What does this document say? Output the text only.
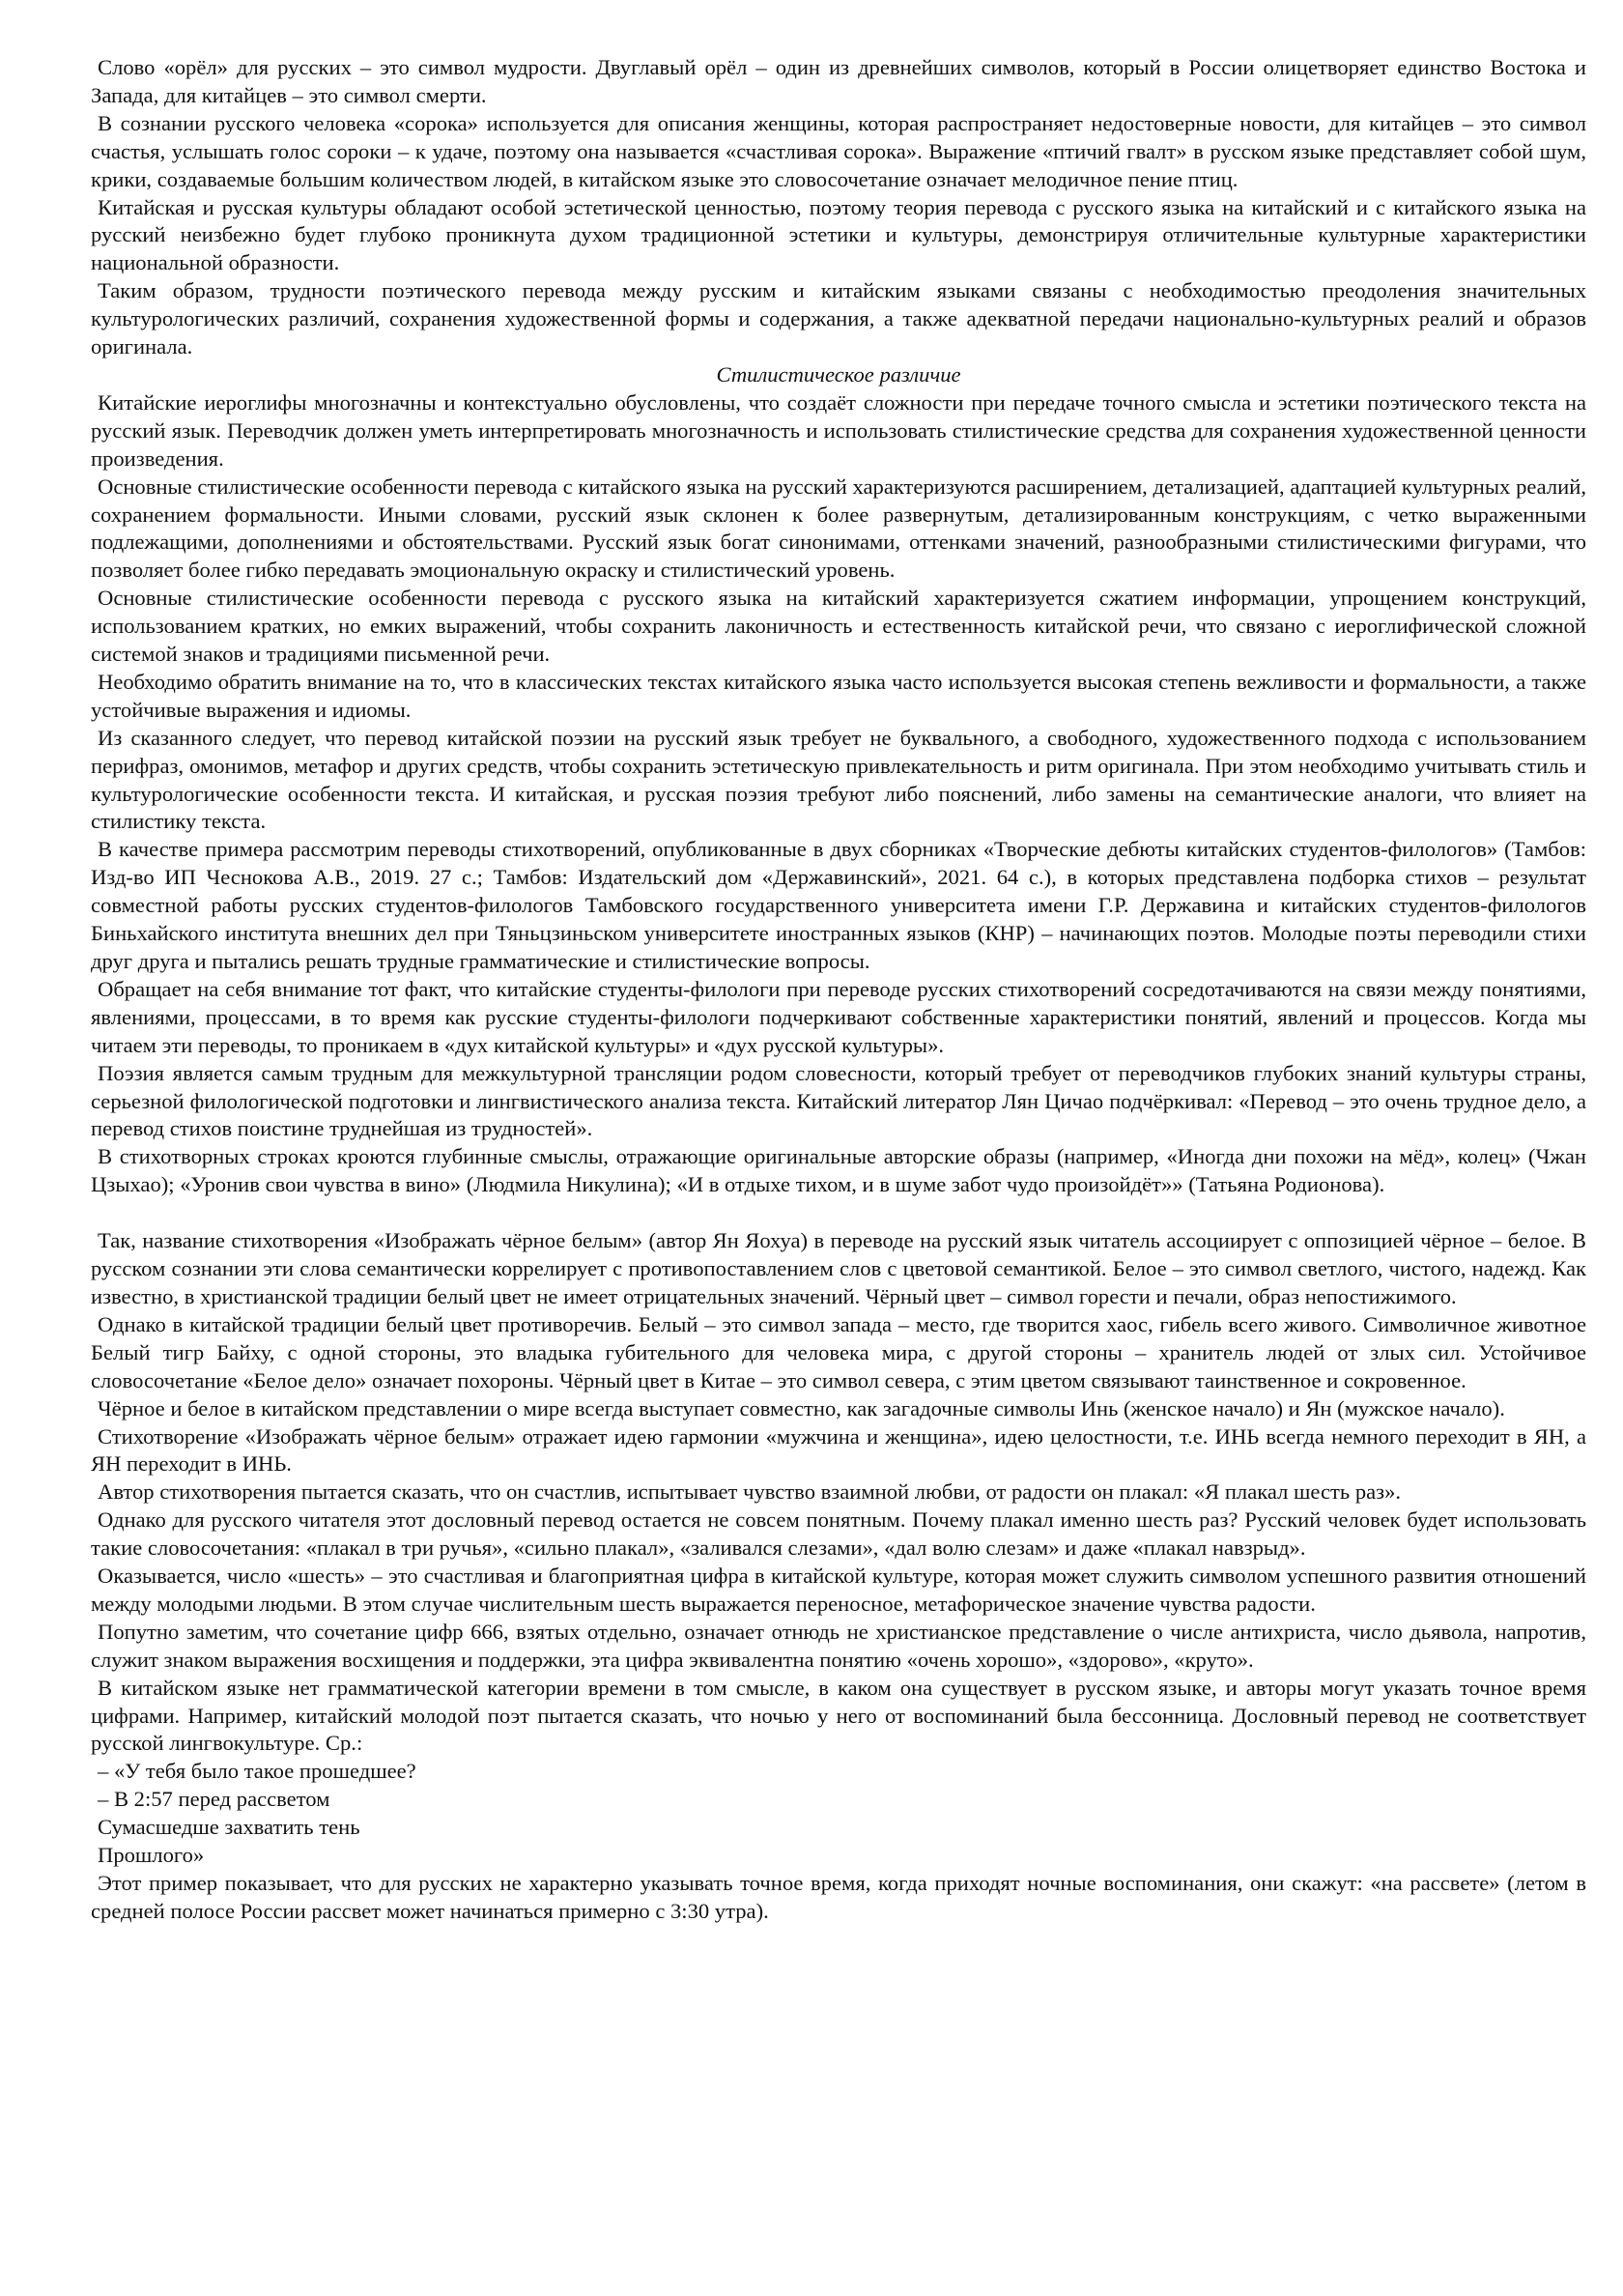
Слово «орёл» для русских – это символ мудрости. Двуглавый орёл – один из древнейших символов, который в России олицетворяет единство Востока и Запада, для китайцев – это символ смерти.

В сознании русского человека «сорока» используется для описания женщины, которая распространяет недостоверные новости, для китайцев – это символ счастья, услышать голос сороки – к удаче, поэтому она называется «счастливая сорока». Выражение «птичий гвалт» в русском языке представляет собой шум, крики, создаваемые большим количеством людей, в китайском языке это словосочетание означает мелодичное пение птиц.

Китайская и русская культуры обладают особой эстетической ценностью, поэтому теория перевода с русского языка на китайский и с китайского языка на русский неизбежно будет глубоко проникнута духом традиционной эстетики и культуры, демонстрируя отличительные культурные характеристики национальной образности.

Таким образом, трудности поэтического перевода между русским и китайским языками связаны с необходимостью преодоления значительных культурологических различий, сохранения художественной формы и содержания, а также адекватной передачи национально-культурных реалий и образов оригинала.

Стилистическое различие

Китайские иероглифы многозначны и контекстуально обусловлены, что создаёт сложности при передаче точного смысла и эстетики поэтического текста на русский язык. Переводчик должен уметь интерпретировать многозначность и использовать стилистические средства для сохранения художественной ценности произведения.

Основные стилистические особенности перевода с китайского языка на русский характеризуются расширением, детализацией, адаптацией культурных реалий, сохранением формальности. Иными словами, русский язык склонен к более развернутым, детализированным конструкциям, с четко выраженными подлежащими, дополнениями и обстоятельствами. Русский язык богат синонимами, оттенками значений, разнообразными стилистическими фигурами, что позволяет более гибко передавать эмоциональную окраску и стилистический уровень.

Основные стилистические особенности перевода с русского языка на китайский характеризуется сжатием информации, упрощением конструкций, использованием кратких, но емких выражений, чтобы сохранить лаконичность и естественность китайской речи, что связано с иероглифической сложной системой знаков и традициями письменной речи.

Необходимо обратить внимание на то, что в классических текстах китайского языка часто используется высокая степень вежливости и формальности, а также устойчивые выражения и идиомы.

Из сказанного следует, что перевод китайской поэзии на русский язык требует не буквального, а свободного, художественного подхода с использованием перифраз, омонимов, метафор и других средств, чтобы сохранить эстетическую привлекательность и ритм оригинала. При этом необходимо учитывать стиль и культурологические особенности текста. И китайская, и русская поэзия требуют либо пояснений, либо замены на семантические аналоги, что влияет на стилистику текста.

В качестве примера рассмотрим переводы стихотворений, опубликованные в двух сборниках «Творческие дебюты китайских студентов-филологов» (Тамбов: Изд-во ИП Чеснокова А.В., 2019. 27 с.; Тамбов: Издательский дом «Державинский», 2021. 64 с.), в которых представлена подборка стихов – результат совместной работы русских студентов-филологов Тамбовского государственного университета имени Г.Р. Державина и китайских студентов-филологов Биньхайского института внешних дел при Тяньцзиньском университете иностранных языков (КНР) – начинающих поэтов. Молодые поэты переводили стихи друг друга и пытались решать трудные грамматические и стилистические вопросы.

Обращает на себя внимание тот факт, что китайские студенты-филологи при переводе русских стихотворений сосредотачиваются на связи между понятиями, явлениями, процессами, в то время как русские студенты-филологи подчеркивают собственные характеристики понятий, явлений и процессов. Когда мы читаем эти переводы, то проникаем в «дух китайской культуры» и «дух русской культуры».

Поэзия является самым трудным для межкультурной трансляции родом словесности, который требует от переводчиков глубоких знаний культуры страны, серьезной филологической подготовки и лингвистического анализа текста. Китайский литератор Лян Цичао подчёркивал: «Перевод – это очень трудное дело, а перевод стихов поистине труднейшая из трудностей».

В стихотворных строках кроются глубинные смыслы, отражающие оригинальные авторские образы (например, «Иногда дни похожи на мёд», колец» (Чжан Цзыхао); «Уронив свои чувства в вино» (Людмила Никулина); «И в отдыхе тихом, и в шуме забот чудо произойдёт»» (Татьяна Родионова).

Так, название стихотворения «Изображать чёрное белым» (автор Ян Яохуа) в переводе на русский язык читатель ассоциирует с оппозицией чёрное – белое. В русском сознании эти слова семантически коррелирует с противопоставлением слов с цветовой семантикой. Белое – это символ светлого, чистого, надежд. Как известно, в христианской традиции белый цвет не имеет отрицательных значений. Чёрный цвет – символ горести и печали, образ непостижимого.

Однако в китайской традиции белый цвет противоречив. Белый – это символ запада – место, где творится хаос, гибель всего живого. Символичное животное Белый тигр Байху, с одной стороны, это владыка губительного для человека мира, с другой стороны – хранитель людей от злых сил. Устойчивое словосочетание «Белое дело» означает похороны. Чёрный цвет в Китае – это символ севера, с этим цветом связывают таинственное и сокровенное.

Чёрное и белое в китайском представлении о мире всегда выступает совместно, как загадочные символы Инь (женское начало) и Ян (мужское начало).

Стихотворение «Изображать чёрное белым» отражает идею гармонии «мужчина и женщина», идею целостности, т.е. ИНЬ всегда немного переходит в ЯН, а ЯН переходит в ИНЬ.

Автор стихотворения пытается сказать, что он счастлив, испытывает чувство взаимной любви, от радости он плакал: «Я плакал шесть раз».

Однако для русского читателя этот дословный перевод остается не совсем понятным. Почему плакал именно шесть раз? Русский человек будет использовать такие словосочетания: «плакал в три ручья», «сильно плакал», «заливался слезами», «дал волю слезам» и даже «плакал навзрыд».

Оказывается, число «шесть» – это счастливая и благоприятная цифра в китайской культуре, которая может служить символом успешного развития отношений между молодыми людьми. В этом случае числительным шесть выражается переносное, метафорическое значение чувства радости.

Попутно заметим, что сочетание цифр 666, взятых отдельно, означает отнюдь не христианское представление о числе антихриста, число дьявола, напротив, служит знаком выражения восхищения и поддержки, эта цифра эквивалентна понятию «очень хорошо», «здорово», «круто».

В китайском языке нет грамматической категории времени в том смысле, в каком она существует в русском языке, и авторы могут указать точное время цифрами. Например, китайский молодой поэт пытается сказать, что ночью у него от воспоминаний была бессонница. Дословный перевод не соответствует русской лингвокультуре. Ср.:

– «У тебя было такое прошедшее?

– В 2:57 перед рассветом

Сумасшедше захватить тень

Прошлого»

Этот пример показывает, что для русских не характерно указывать точное время, когда приходят ночные воспоминания, они скажут: «на рассвете» (летом в средней полосе России рассвет может начинаться примерно с 3:30 утра).
